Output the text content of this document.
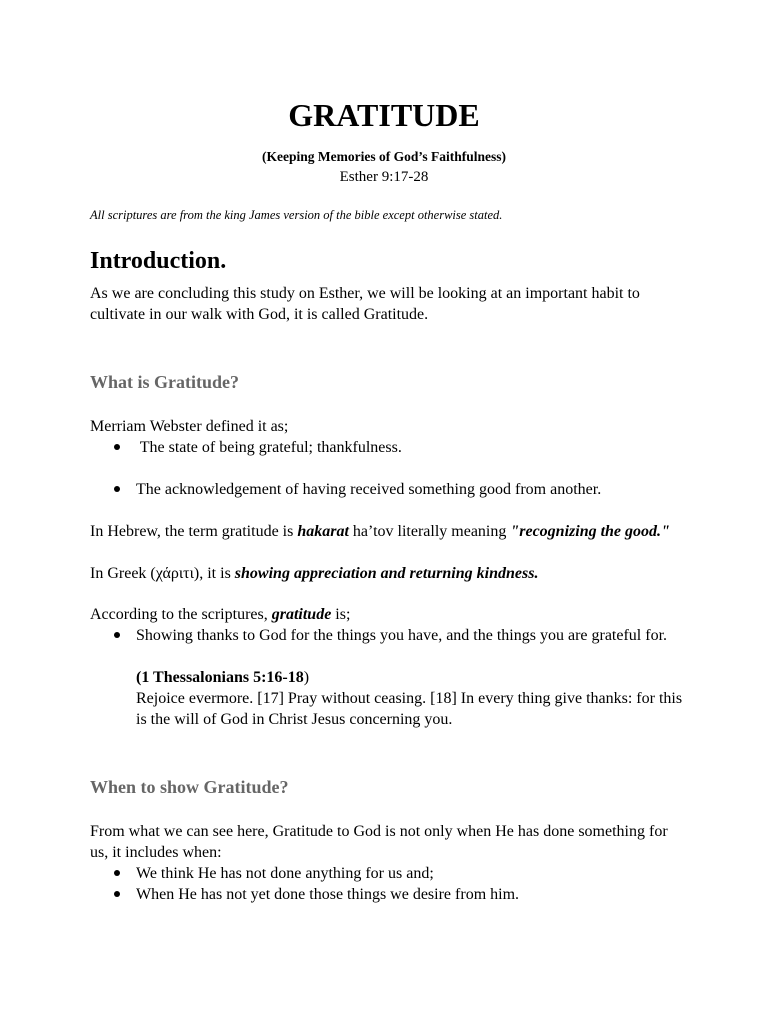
GRATITUDE
(Keeping Memories of God’s Faithfulness)
Esther 9:17-28
All scriptures are from the king James version of the bible except otherwise stated.
Introduction.

As we are concluding this study on Esther, we will be looking at an important habit to cultivate in our walk with God, it is called Gratitude.

What is Gratitude?
Merriam Webster defined it as;
The state of being grateful; thankfulness.
The acknowledgement of having received something good from another.
In Hebrew, the term gratitude is hakarat ha’tov literally meaning "recognizing the good."
In Greek (χάριτι), it is showing appreciation and returning kindness.
According to the scriptures, gratitude is;
Showing thanks to God for the things you have, and the things you are grateful for.
(1 Thessalonians 5:16-18)

Rejoice evermore. [17] Pray without ceasing. [18] In every thing give thanks: for this is the will of God in Christ Jesus concerning you.

When to show Gratitude?

From what we can see here, Gratitude to God is not only when He has done something for us, it includes when:

We think He has not done anything for us and;
When He has not yet done those things we desire from him.
